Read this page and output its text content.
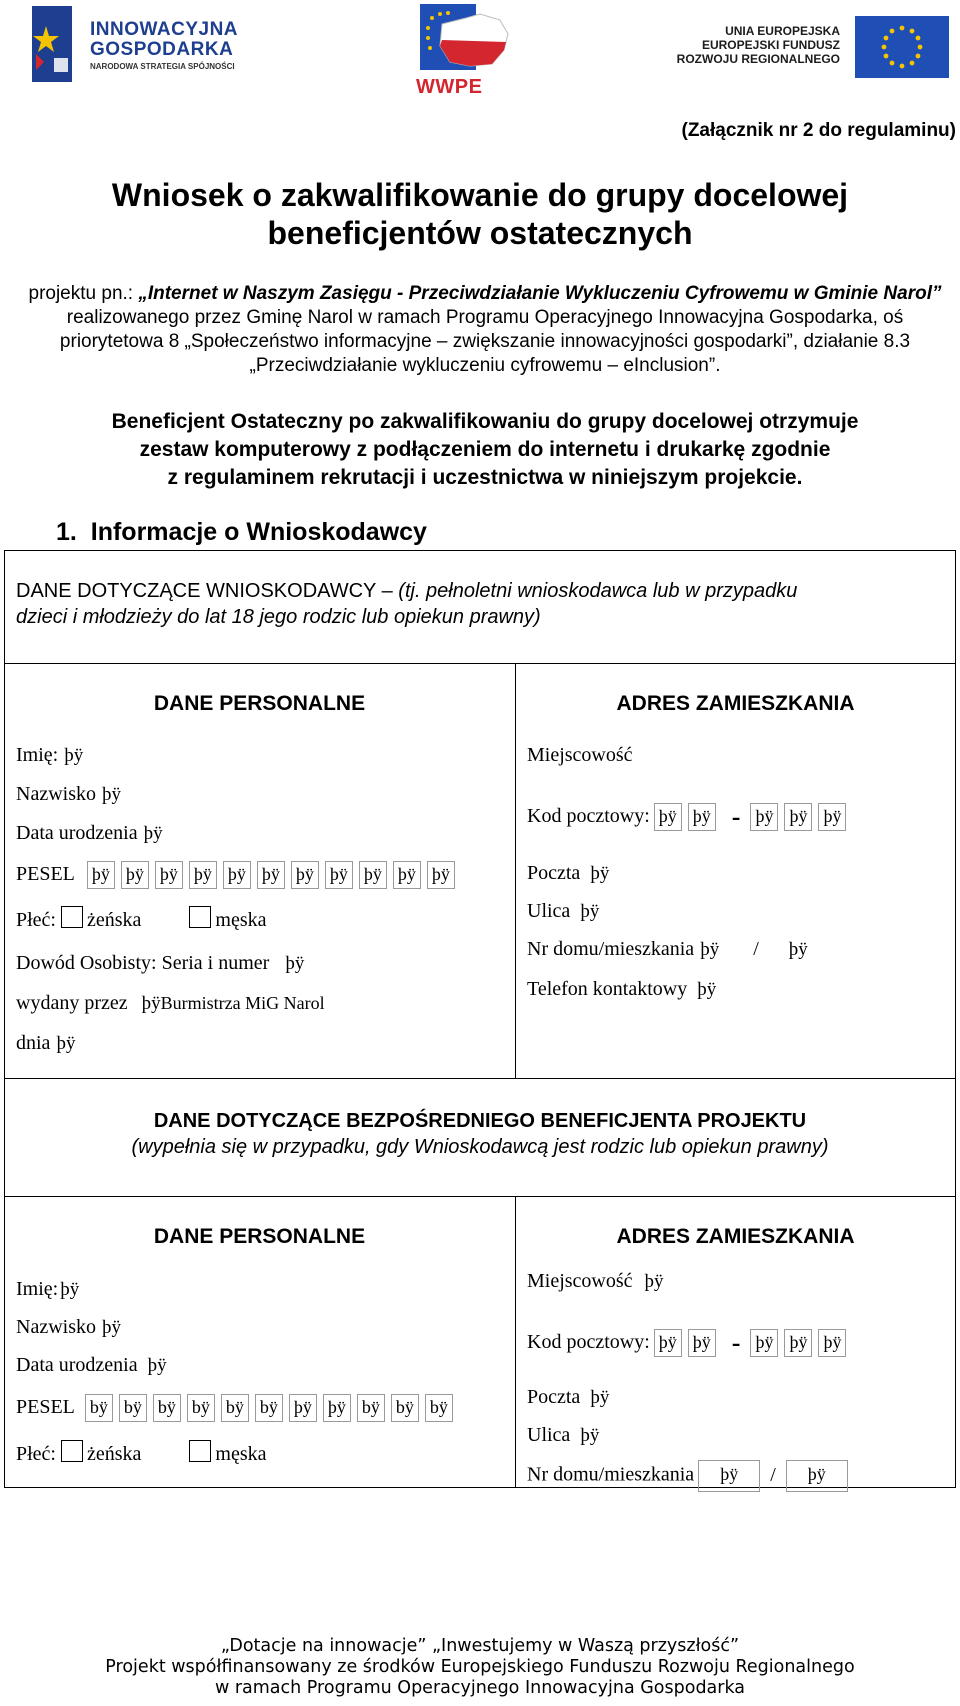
INNOWACYJNA
GOSPODARKA
NARODOWA STRATEGIA SPÓJNOŚCI
WWPE
UNIA EUROPEJSKA
EUROPEJSKI FUNDUSZ
ROZWOJU REGIONALNEGO
(Załącznik nr 2 do regulaminu)
Wniosek o zakwalifikowanie do grupy docelowej
beneficjentów ostatecznych
projektu pn.: „Internet w Naszym Zasięgu - Przeciwdziałanie Wykluczeniu Cyfrowemu w Gminie Narol” realizowanego przez Gminę Narol w ramach Programu Operacyjnego Innowacyjna Gospodarka, oś priorytetowa 8 „Społeczeństwo informacyjne – zwiększanie innowacyjności gospodarki”, działanie 8.3 „Przeciwdziałanie wykluczeniu cyfrowemu – eInclusion”.
Beneficjent Ostateczny po zakwalifikowaniu do grupy docelowej otrzymuje
zestaw komputerowy z podłączeniem do internetu i drukarkę zgodnie
z regulaminem rekrutacji i uczestnictwa w niniejszym projekcie.
1. Informacje o Wnioskodawcy
DANE DOTYCZĄCE WNIOSKODAWCY – (tj. pełnoletni wnioskodawca lub w przypadku
dzieci i młodzieży do lat 18 jego rodzic lub opiekun prawny)
DANE PERSONALNE
Imię: þÿ
Nazwisko þÿ
Data urodzenia þÿ
PESEL þÿ þÿ þÿ þÿ þÿ þÿ þÿ þÿ þÿ þÿ þÿ
Płeć: żeńska	męska
Dowód Osobisty: Seria i numer þÿ
wydany przez þÿBurmistrza MiG Narol
dnia þÿ
ADRES ZAMIESZKANIA
Miejscowość
Kod pocztowy: þÿ þÿ - þÿ þÿ þÿ
Poczta þÿ
Ulica þÿ
Nr domu/mieszkania þÿ / þÿ
Telefon kontaktowy þÿ
DANE DOTYCZĄCE BEZPOŚREDNIEGO BENEFICJENTA PROJEKTU
(wypełnia się w przypadku, gdy Wnioskodawcą jest rodzic lub opiekun prawny)
DANE PERSONALNE
Imię: þÿ
Nazwisko þÿ
Data urodzenia þÿ
PESEL bÿ bÿ bÿ bÿ bÿ bÿ þÿ þÿ bÿ bÿ bÿ
Płeć: żeńska	męska
ADRES ZAMIESZKANIA
Miejscowość þÿ
Kod pocztowy: þÿ þÿ - þÿ þÿ þÿ
Poczta þÿ
Ulica þÿ
Nr domu/mieszkania þÿ / þÿ
„Dotacje na innowacje” „Inwestujemy w Waszą przyszłość”
Projekt współfinansowany ze środków Europejskiego Funduszu Rozwoju Regionalnego
w ramach Programu Operacyjnego Innowacyjna Gospodarka
